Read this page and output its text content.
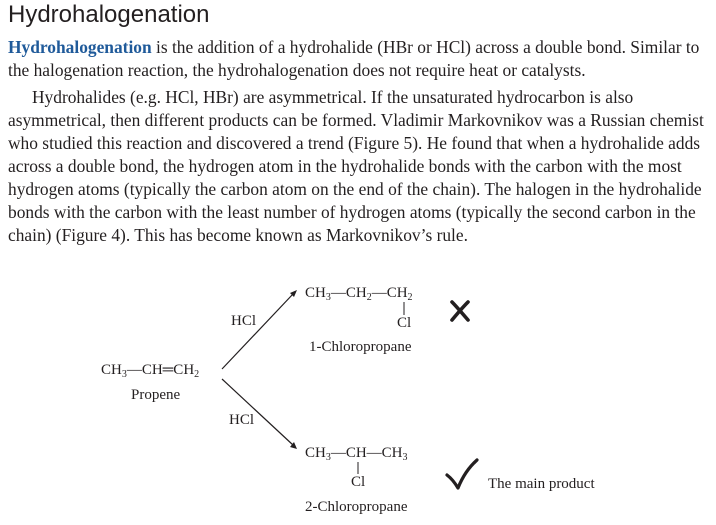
Hydrohalogenation

Hydrohalogenation is the addition of a hydrohalide (HBr or HCl) across a double bond. Similar to the halogenation reaction, the hydrohalogenation does not require heat or catalysts.

Hydrohalides (e.g. HCl, HBr) are asymmetrical. If the unsaturated hydrocarbon is also asymmetrical, then different products can be formed. Vladimir Markovnikov was a Russian chemist who studied this reaction and discovered a trend (Figure 5). He found that when a hydrohalide adds across a double bond, the hydrogen atom in the hydrohalide bonds with the carbon with the most hydrogen atoms (typically the carbon atom on the end of the chain). The halogen in the hydrohalide bonds with the carbon with the least number of hydrogen atoms (typically the second carbon in the chain) (Figure 4). This has become known as Markovnikov’s rule.

$CH_3—CH═CH_2$
Propene
HCl
HCl
$CH_3—CH_2—CH_2$
Cl
1-Chloropropane
$CH_3—CH—CH_3$
Cl
2-Chloropropane
The main product
